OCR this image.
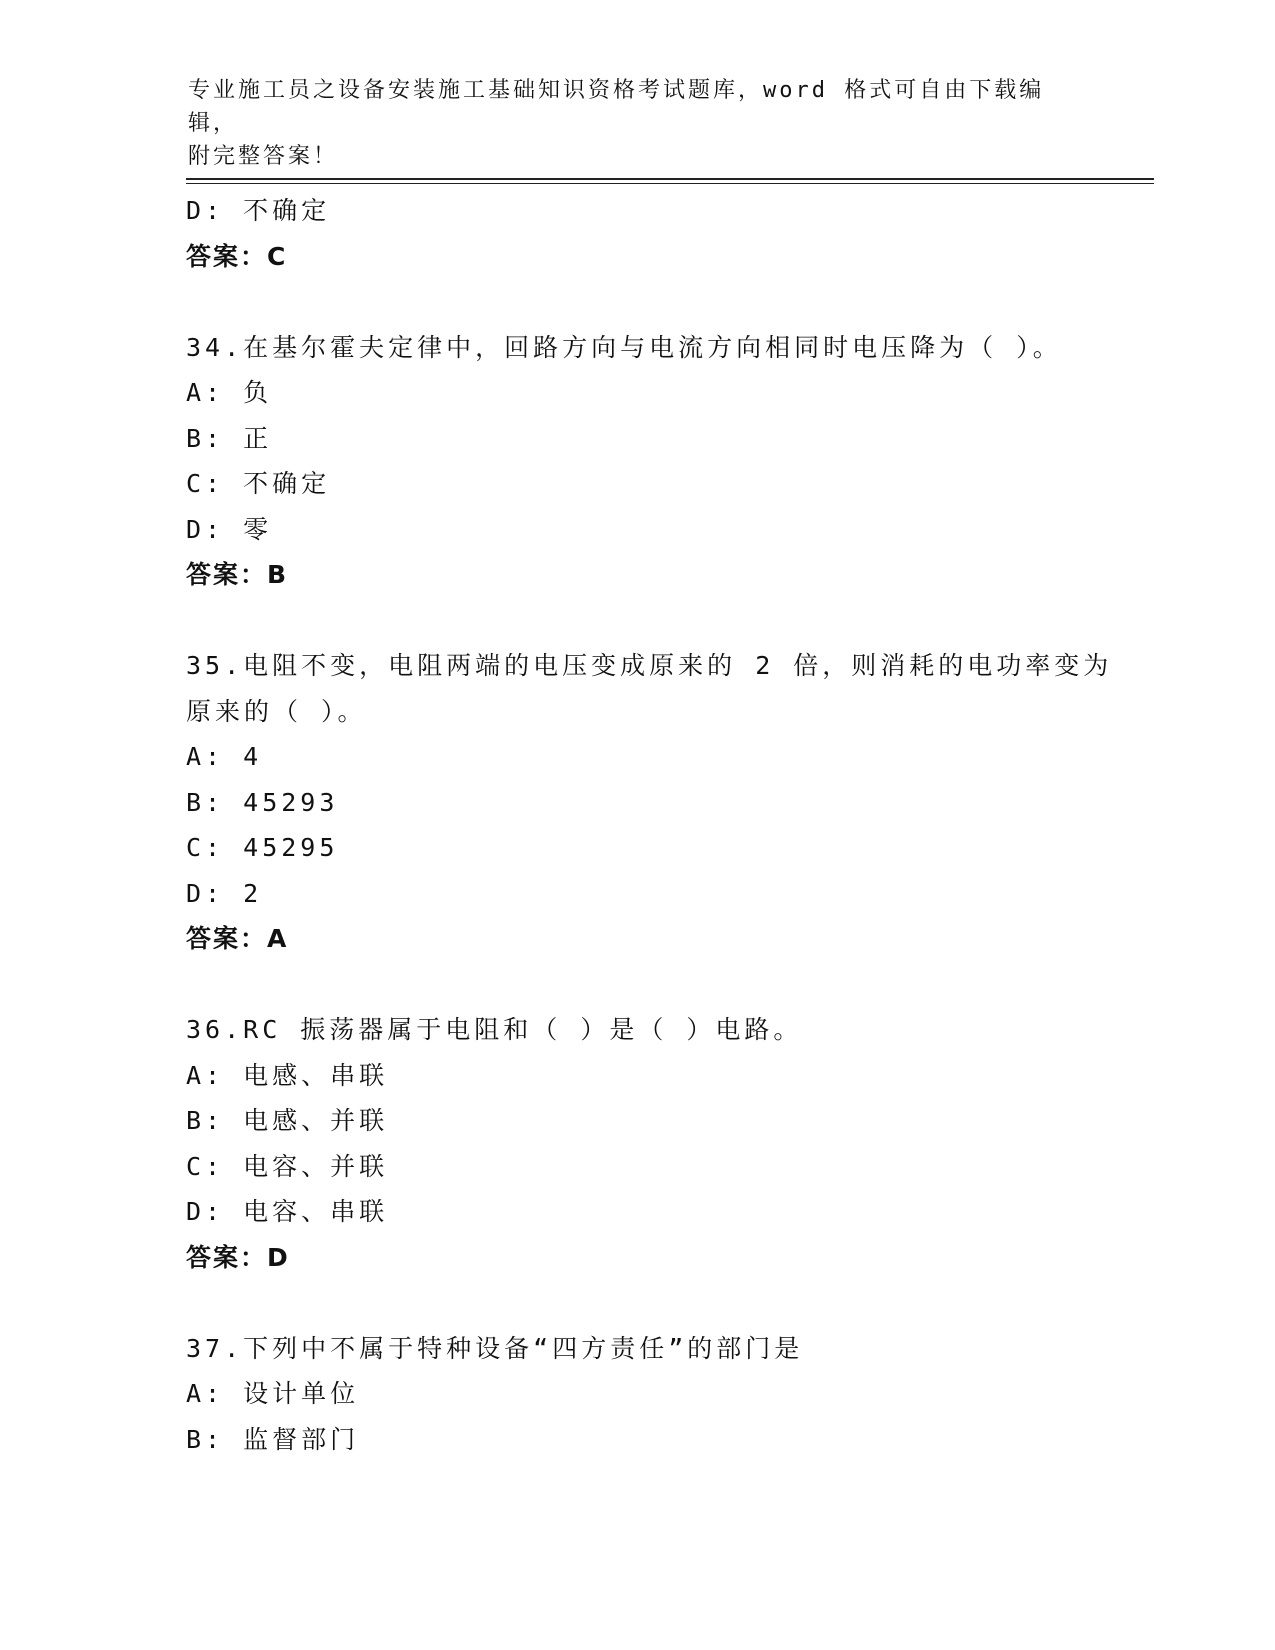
专业施工员之设备安装施工基础知识资格考试题库，word 格式可自由下载编辑，
附完整答案！
D: 不确定
答案：C
34.在基尔霍夫定律中，回路方向与电流方向相同时电压降为（ ）。
A: 负
B: 正
C: 不确定
D: 零
答案：B
35.电阻不变，电阻两端的电压变成原来的 2 倍，则消耗的电功率变为
原来的（ ）。
A: 4
B: 45293
C: 45295
D: 2
答案：A
36.RC 振荡器属于电阻和（ ）是（ ）电路。
A: 电感、串联
B: 电感、并联
C: 电容、并联
D: 电容、串联
答案：D
37.下列中不属于特种设备“四方责任”的部门是
A: 设计单位
B: 监督部门
